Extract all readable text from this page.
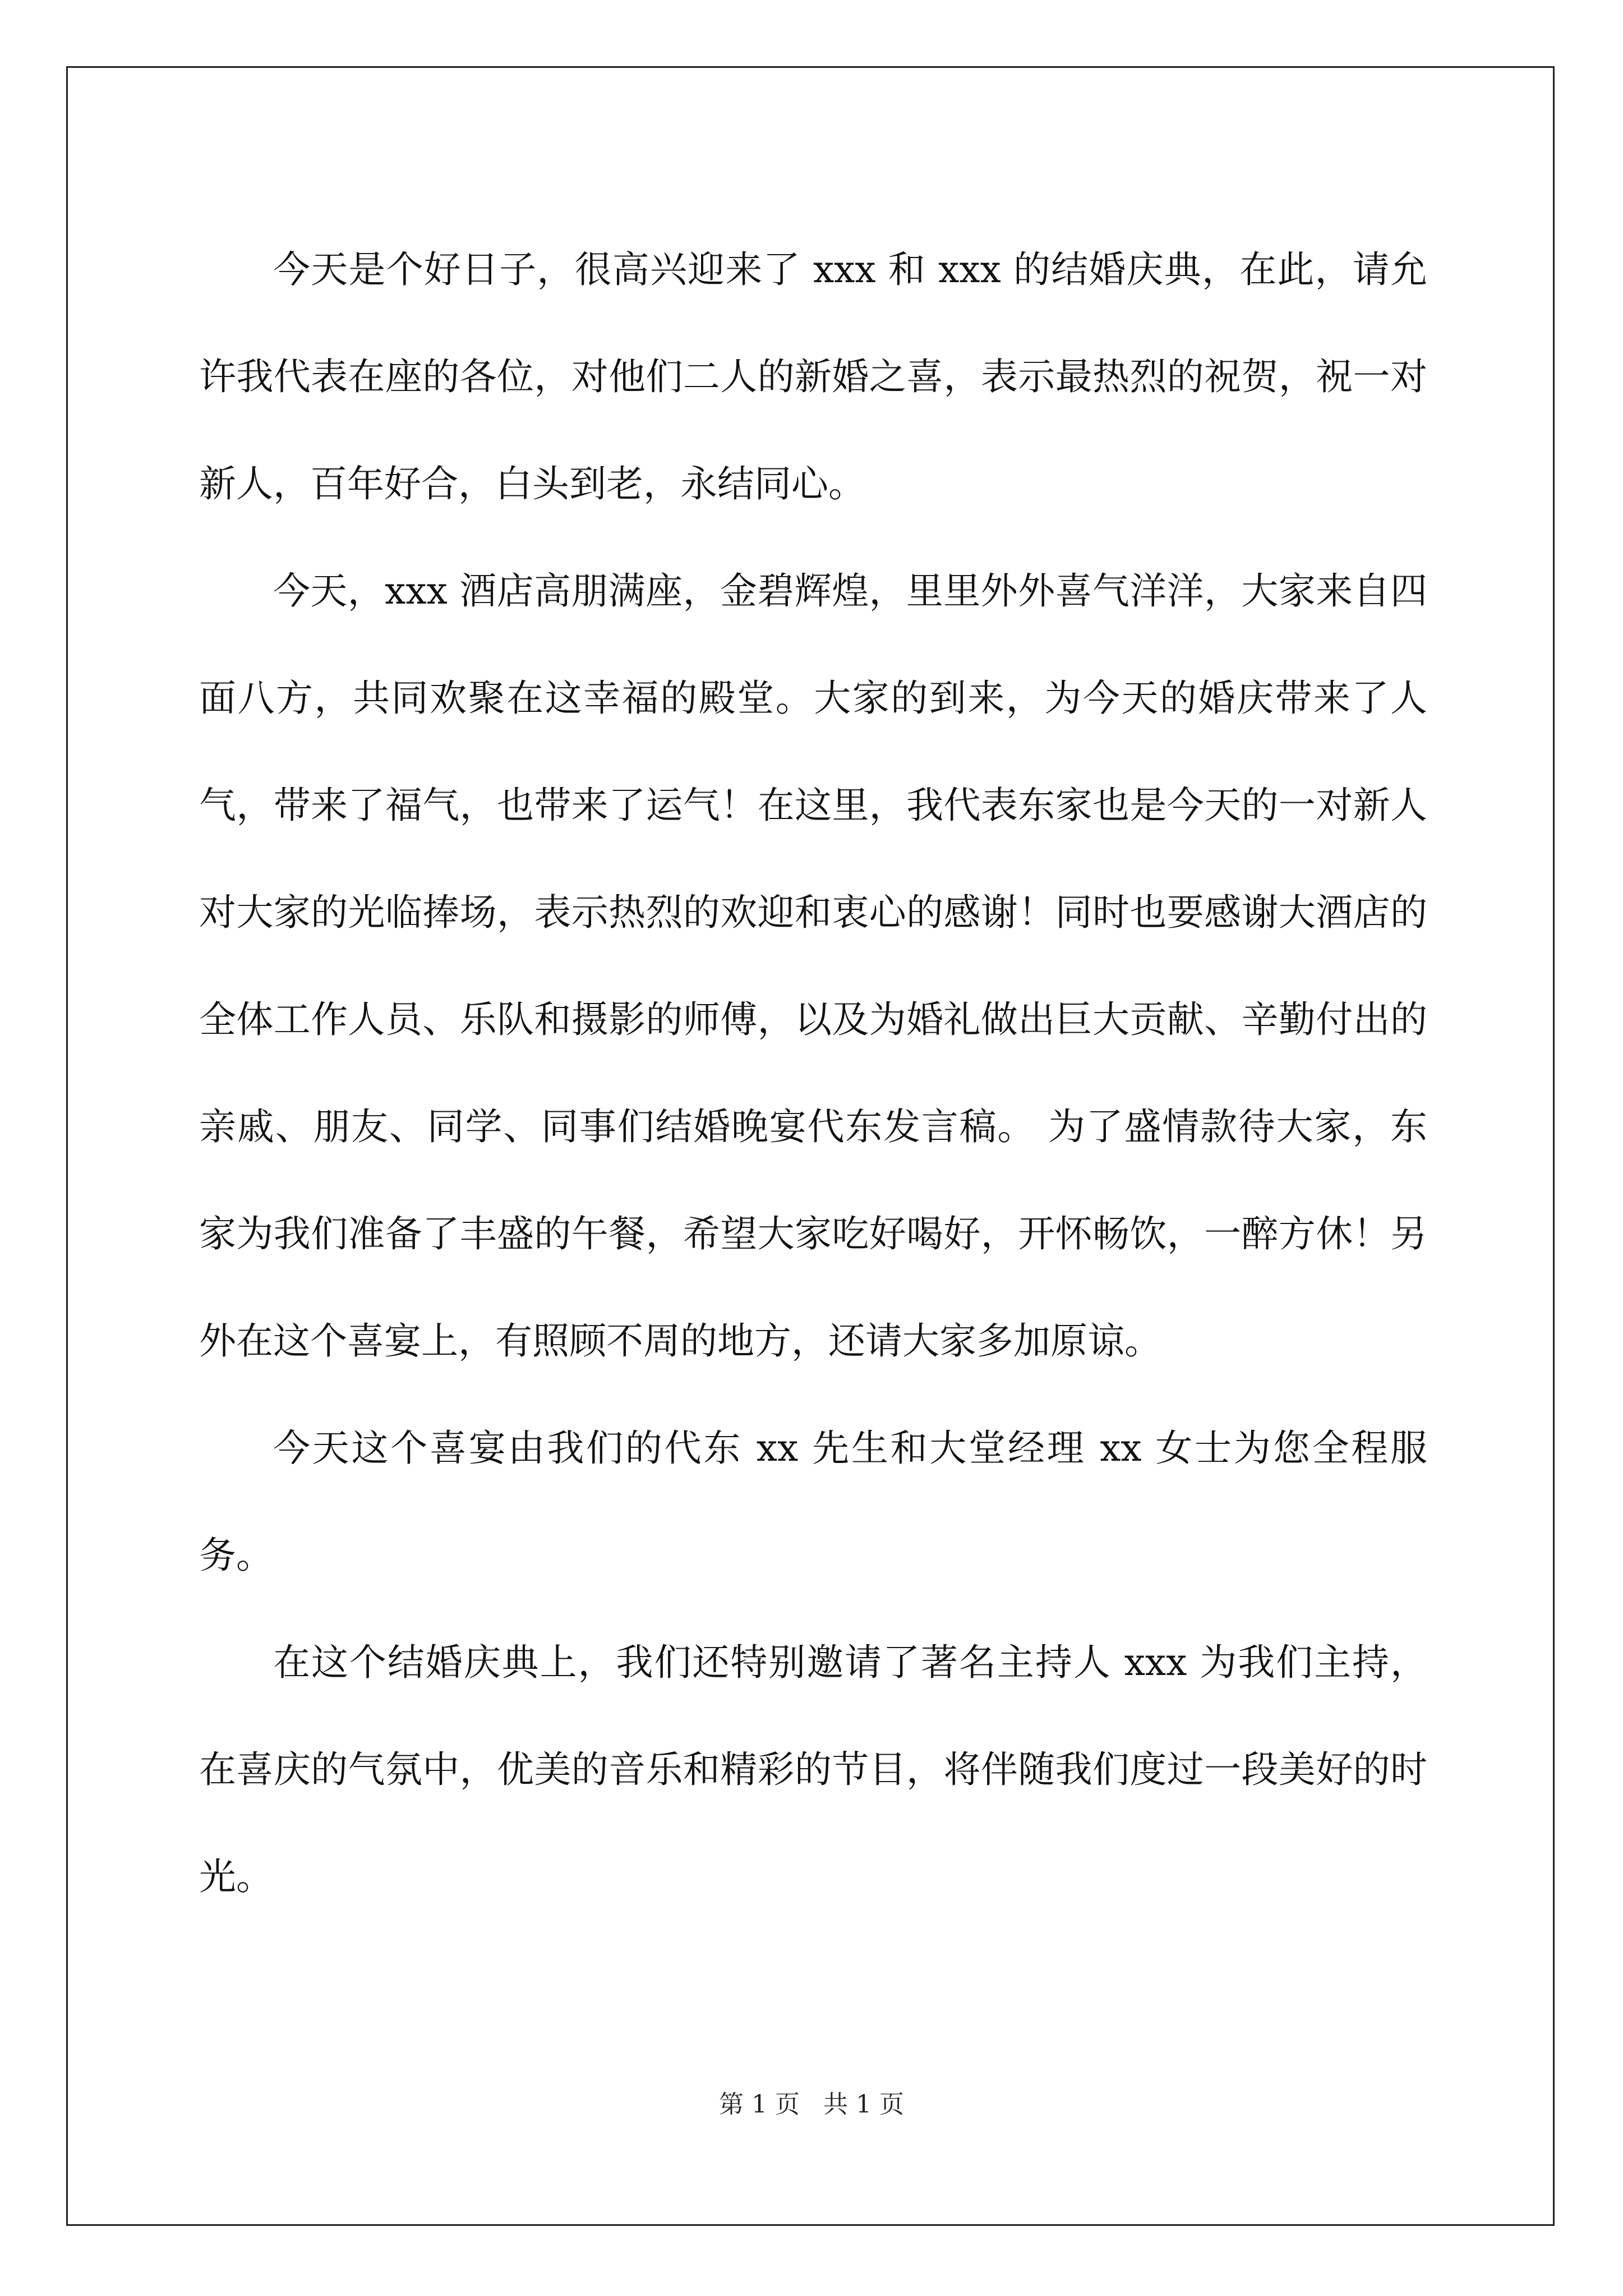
今天是个好日子，很高兴迎来了 xxx 和 xxx 的结婚庆典，在此，请允许我代表在座的各位，对他们二人的新婚之喜，表示最热烈的祝贺，祝一对新人，百年好合，白头到老，永结同心。

今天，xxx 酒店高朋满座，金碧辉煌，里里外外喜气洋洋，大家来自四面八方，共同欢聚在这幸福的殿堂。大家的到来，为今天的婚庆带来了人气，带来了福气，也带来了运气！在这里，我代表东家也是今天的一对新人对大家的光临捧场，表示热烈的欢迎和衷心的感谢！同时也要感谢大酒店的全体工作人员、乐队和摄影的师傅，以及为婚礼做出巨大贡献、辛勤付出的亲戚、朋友、同学、同事们结婚晚宴代东发言稿。 为了盛情款待大家，东家为我们准备了丰盛的午餐，希望大家吃好喝好，开怀畅饮，一醉方休！另外在这个喜宴上，有照顾不周的地方，还请大家多加原谅。

今天这个喜宴由我们的代东 xx 先生和大堂经理 xx 女士为您全程服务。

在这个结婚庆典上，我们还特别邀请了著名主持人 xxx 为我们主持，在喜庆的气氛中，优美的音乐和精彩的节目，将伴随我们度过一段美好的时光。

第 1 页   共 1 页
